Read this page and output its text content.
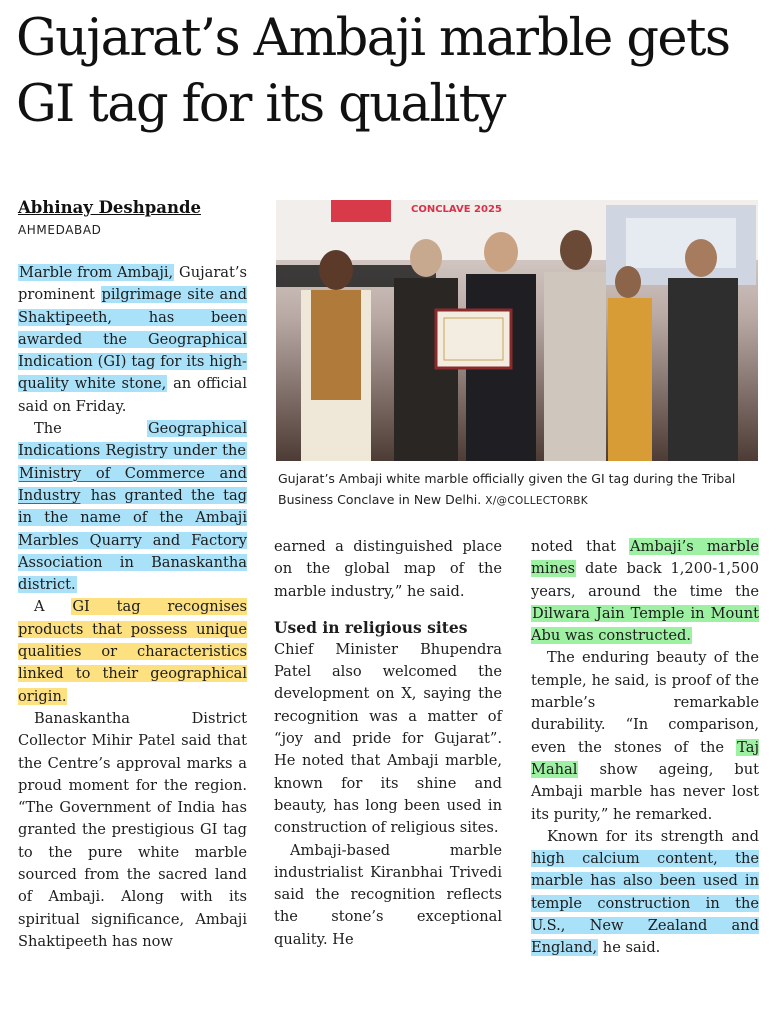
Gujarat’s Ambaji marble gets GI tag for its quality
Abhinay Deshpande
AHMEDABAD
CONCLAVE 2025
Gujarat’s Ambaji white marble officially given the GI tag during the Tribal Business Conclave in New Delhi. X/@COLLECTORBK

Marble from Ambaji, Gujarat’s prominent pilgrimage site and Shaktipeeth, has been awarded the Geographical Indication (GI) tag for its high-quality white stone, an official said on Friday.

The Geographical Indications Registry under the Ministry of Commerce and Industry has granted the tag in the name of the Ambaji Marbles Quarry and Factory Association in Banaskantha district.

A GI tag recognises products that possess unique qualities or characteristics linked to their geographical origin.

Banaskantha District Collector Mihir Patel said that the Centre’s approval marks a proud moment for the region. “The Government of India has granted the prestigious GI tag to the pure white marble sourced from the sacred land of Ambaji. Along with its spiritual significance, Ambaji Shaktipeeth has now

earned a distinguished place on the global map of the marble industry,” he said.

Used in religious sites

Chief Minister Bhupendra Patel also welcomed the development on X, saying the recognition was a matter of “joy and pride for Gujarat”. He noted that Ambaji marble, known for its shine and beauty, has long been used in construction of religious sites.

Ambaji-based marble industrialist Kiranbhai Trivedi said the recognition reflects the stone’s exceptional quality. He

noted that Ambaji’s marble mines date back 1,200-1,500 years, around the time the Dilwara Jain Temple in Mount Abu was constructed.

The enduring beauty of the temple, he said, is proof of the marble’s remarkable durability. “In comparison, even the stones of the Taj Mahal show ageing, but Ambaji marble has never lost its purity,” he remarked.

Known for its strength and high calcium content, the marble has also been used in temple construction in the U.S., New Zealand and England, he said.
